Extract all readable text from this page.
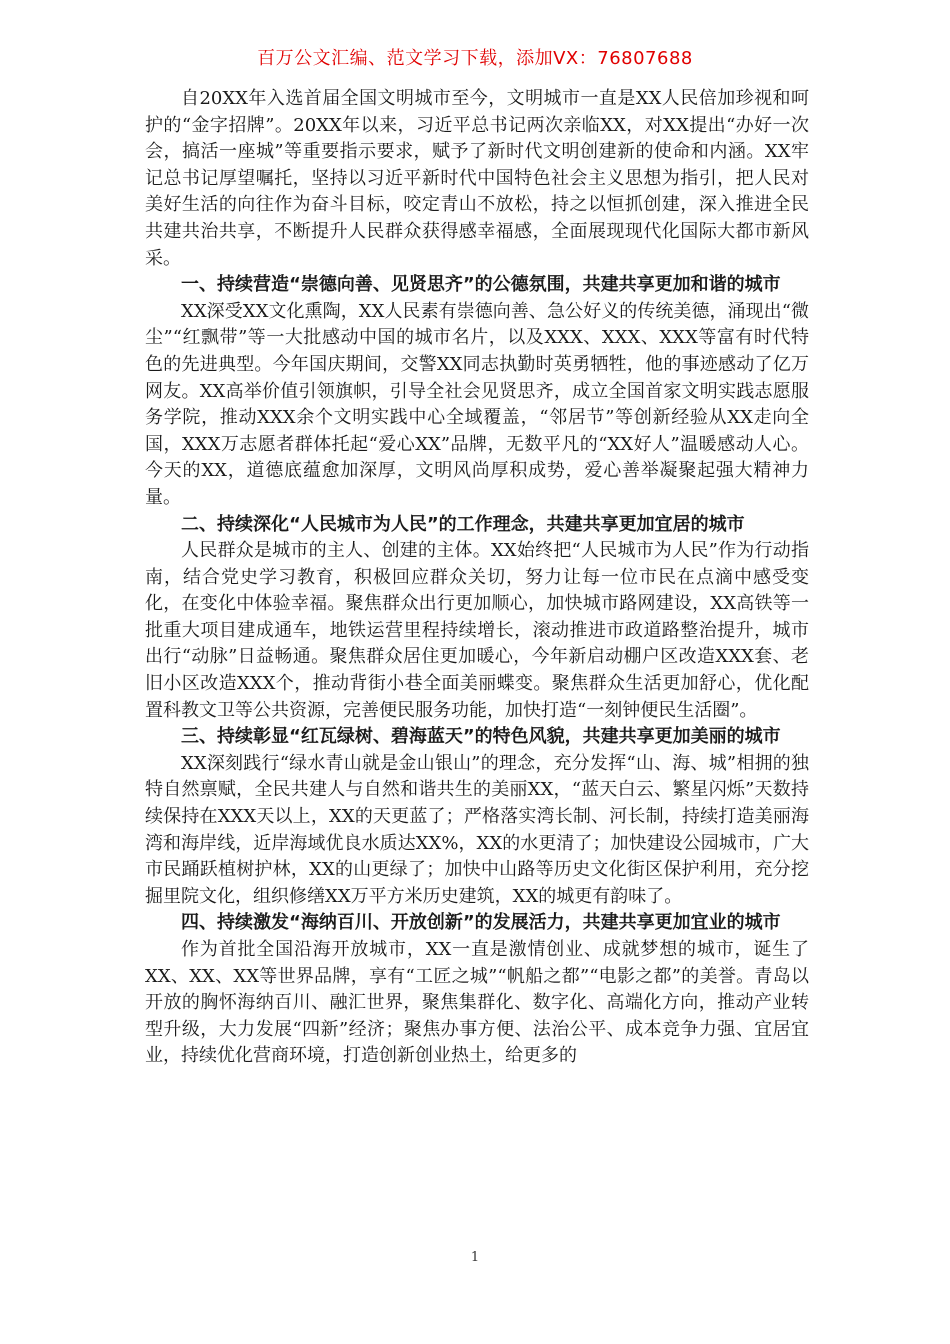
百万公文汇编、范文学习下载，添加VX：76807688

自20XX年入选首届全国文明城市至今，文明城市一直是XX人民倍加珍视和呵护的“金字招牌”。20XX年以来，习近平总书记两次亲临XX，对XX提出“办好一次会，搞活一座城”等重要指示要求，赋予了新时代文明创建新的使命和内涵。XX牢记总书记厚望嘱托，坚持以习近平新时代中国特色社会主义思想为指引，把人民对美好生活的向往作为奋斗目标，咬定青山不放松，持之以恒抓创建，深入推进全民共建共治共享，不断提升人民群众获得感幸福感，全面展现现代化国际大都市新风采。

一、持续营造“崇德向善、见贤思齐”的公德氛围，共建共享更加和谐的城市

XX深受XX文化熏陶，XX人民素有崇德向善、急公好义的传统美德，涌现出“微尘”“红飘带”等一大批感动中国的城市名片，以及XXX、XXX、XXX等富有时代特色的先进典型。今年国庆期间，交警XX同志执勤时英勇牺牲，他的事迹感动了亿万网友。XX高举价值引领旗帜，引导全社会见贤思齐，成立全国首家文明实践志愿服务学院，推动XXX余个文明实践中心全域覆盖，“邻居节”等创新经验从XX走向全国，XXX万志愿者群体托起“爱心XX”品牌，无数平凡的“XX好人”温暖感动人心。今天的XX，道德底蕴愈加深厚，文明风尚厚积成势，爱心善举凝聚起强大精神力量。

二、持续深化“人民城市为人民”的工作理念，共建共享更加宜居的城市

人民群众是城市的主人、创建的主体。XX始终把“人民城市为人民”作为行动指南，结合党史学习教育，积极回应群众关切，努力让每一位市民在点滴中感受变化，在变化中体验幸福。聚焦群众出行更加顺心，加快城市路网建设，XX高铁等一批重大项目建成通车，地铁运营里程持续增长，滚动推进市政道路整治提升，城市出行“动脉”日益畅通。聚焦群众居住更加暖心，今年新启动棚户区改造XXX套、老旧小区改造XXX个，推动背街小巷全面美丽蝶变。聚焦群众生活更加舒心，优化配置科教文卫等公共资源，完善便民服务功能，加快打造“一刻钟便民生活圈”。

三、持续彰显“红瓦绿树、碧海蓝天”的特色风貌，共建共享更加美丽的城市

XX深刻践行“绿水青山就是金山银山”的理念，充分发挥“山、海、城”相拥的独特自然禀赋，全民共建人与自然和谐共生的美丽XX，“蓝天白云、繁星闪烁”天数持续保持在XXX天以上，XX的天更蓝了；严格落实湾长制、河长制，持续打造美丽海湾和海岸线，近岸海域优良水质达XX%，XX的水更清了；加快建设公园城市，广大市民踊跃植树护林，XX的山更绿了；加快中山路等历史文化街区保护利用，充分挖掘里院文化，组织修缮XX万平方米历史建筑，XX的城更有韵味了。

四、持续激发“海纳百川、开放创新”的发展活力，共建共享更加宜业的城市

作为首批全国沿海开放城市，XX一直是激情创业、成就梦想的城市，诞生了XX、XX、XX等世界品牌，享有“工匠之城”“帆船之都”“电影之都”的美誉。青岛以开放的胸怀海纳百川、融汇世界，聚焦集群化、数字化、高端化方向，推动产业转型升级，大力发展“四新”经济；聚焦办事方便、法治公平、成本竞争力强、宜居宜业，持续优化营商环境，打造创新创业热土，给更多的

1
